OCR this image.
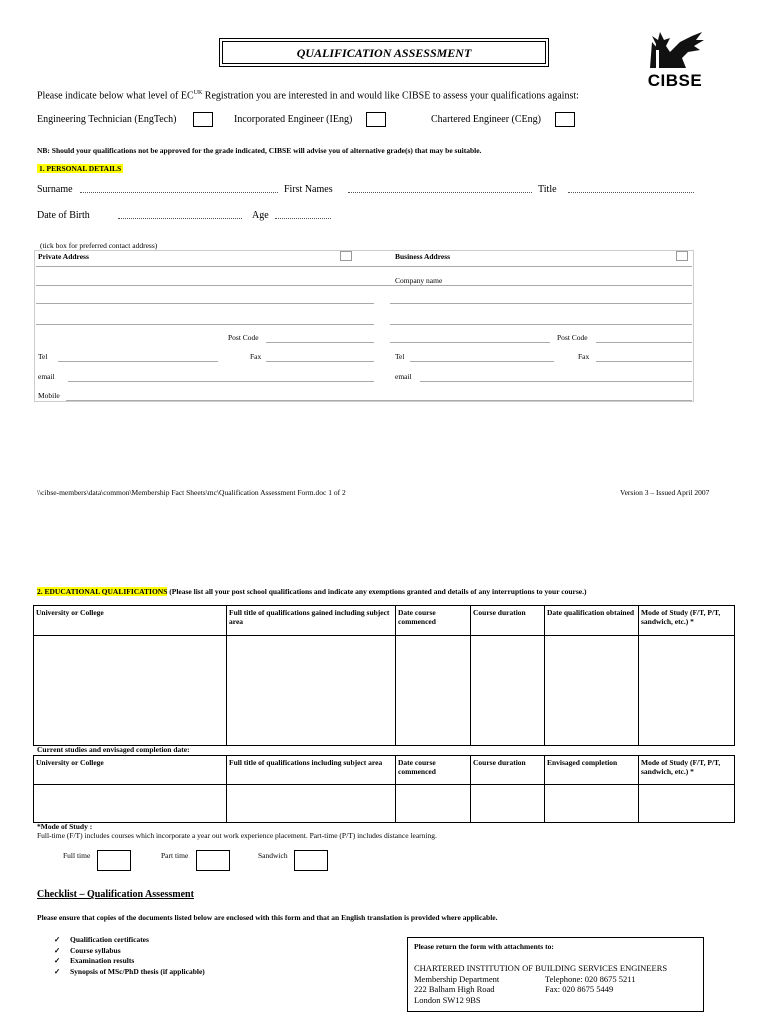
QUALIFICATION ASSESSMENT
CIBSE
Please indicate below what level of $EC^{UK}$ Registration you are interested in and would like CIBSE to assess your qualifications against:
Engineering Technician (EngTech)	Incorporated Engineer (IEng)	Chartered Engineer (CEng)
NB: Should your qualifications not be approved for the grade indicated, CIBSE will advise you of alternative grade(s) that may be suitable.
1. PERSONAL DETAILS
Surname	First Names	Title
Date of Birth	Age
(tick box for preferred contact address)
Private Address	Business Address
Company name
Post Code	Post Code
Tel	Fax	Tel	Fax
email	email
Mobile
\\cibse-members\data\common\Membership Fact Sheets\mc\Qualification Assessment Form.doc 1 of 2	Version 3 – Issued April 2007
2. EDUCATIONAL QUALIFICATIONS (Please list all your post school qualifications and indicate any exemptions granted and details of any interruptions to your course.)
University or College	Full title of qualifications gained including subject area	Date course commenced	Course duration	Date qualification obtained	Mode of Study (F/T, P/T, sandwich, etc.) *

Current studies and envisaged completion date:
University or College	Full title of qualifications including subject area	Date course commenced	Course duration	Envisaged completion	Mode of Study (F/T, P/T, sandwich, etc.) *

*Mode of Study :
Full-time (F/T) includes courses which incorporate a year out work experience placement. Part-time (P/T) includes distance learning.
Full time	Part time	Sandwich
Checklist – Qualification Assessment
Please ensure that copies of the documents listed below are enclosed with this form and that an English translation is provided where applicable.
✓ Qualification certificates
✓ Course syllabus
✓ Examination results
✓ Synopsis of MSc/PhD thesis (if applicable)
Please return the form with attachments to:
CHARTERED INSTITUTION OF BUILDING SERVICES ENGINEERS
Membership Department
222 Balham High Road
London SW12 9BS
Telephone: 020 8675 5211
Fax: 020 8675 5449
